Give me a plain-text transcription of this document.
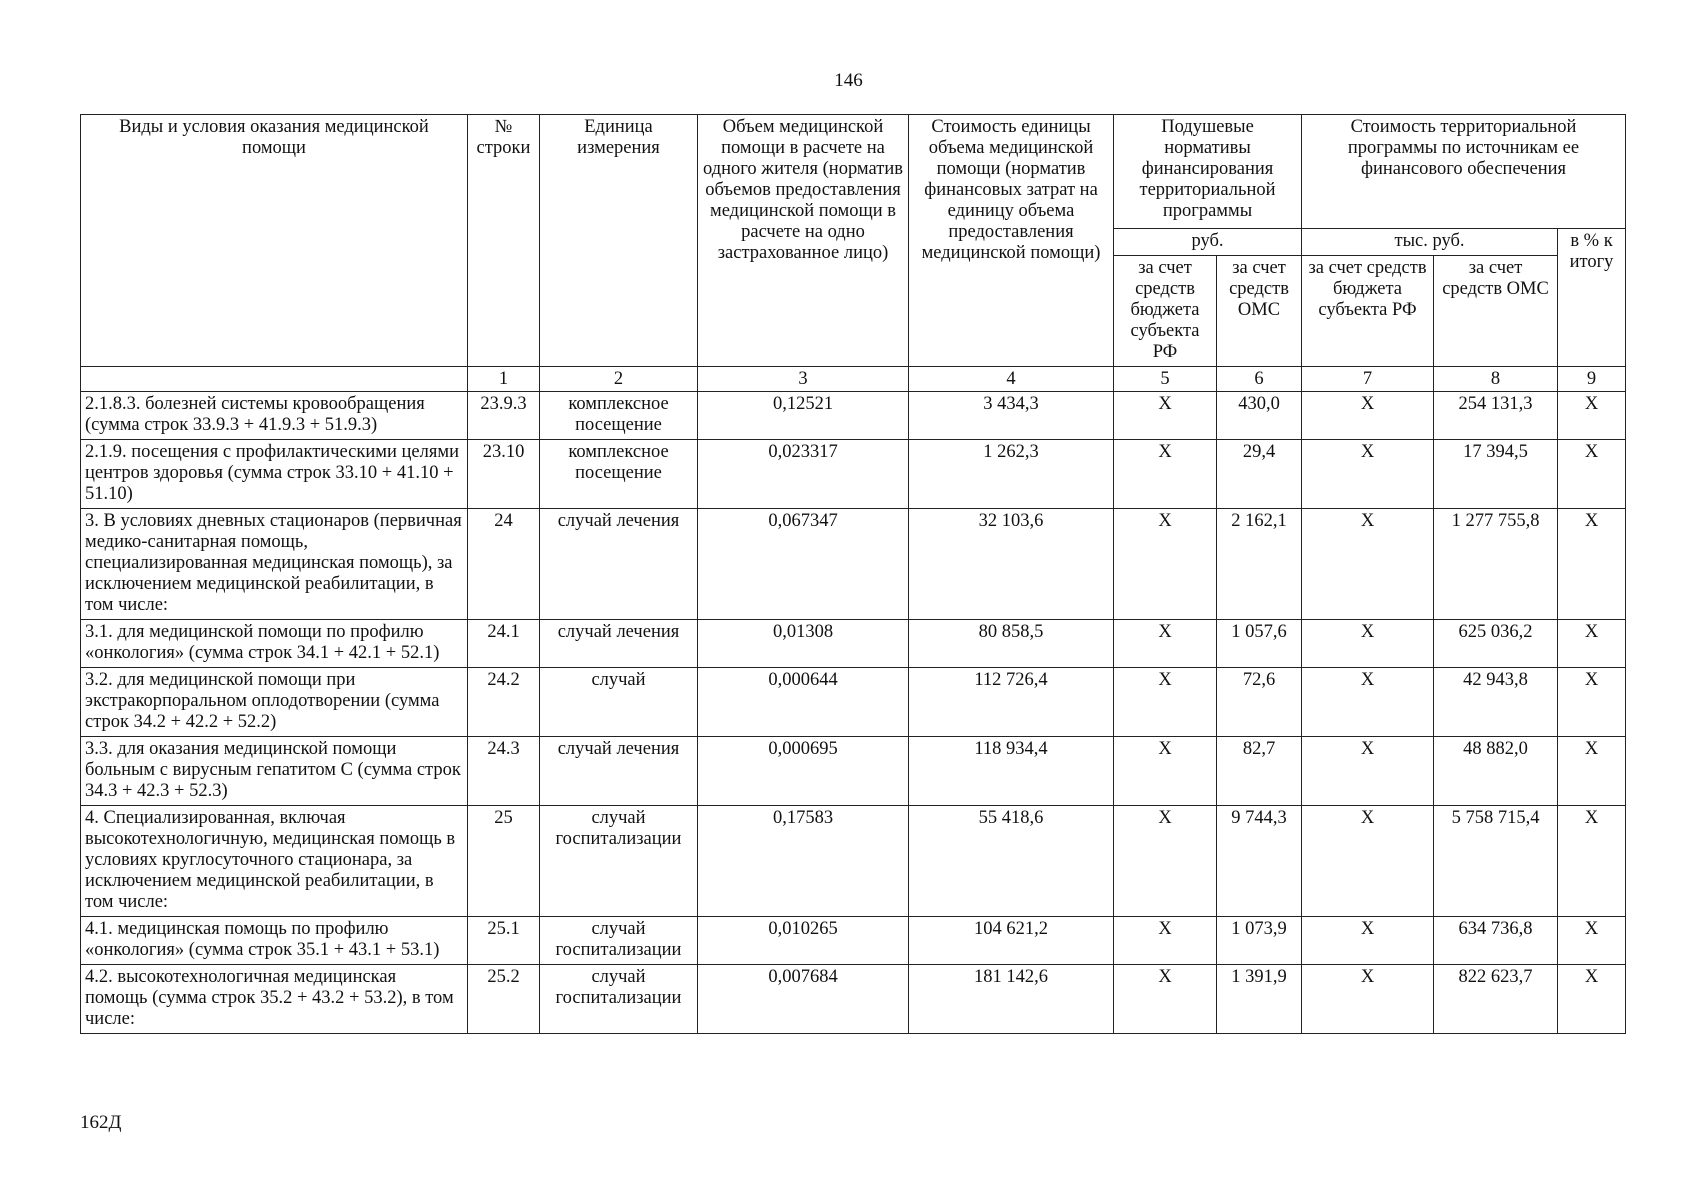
146
Виды и условия оказания медицинской помощи	№ строки	Единица измерения	Объем медицинской помощи в расчете на одного жителя (норматив объемов предоставления медицинской помощи в расчете на одно застрахованное лицо)	Стоимость единицы объема медицинской помощи (норматив финансовых затрат на единицу объема предоставления медицинской помощи)	Подушевые нормативы финансирования территориальной программы		Стоимость территориальной программы по источникам ее финансового обеспечения		
					руб.		тыс. руб.		в % к итогу
					за счет средств бюджета субъекта РФ	за счет средств ОМС	за счет средств бюджета субъекта РФ	за счет средств ОМС	
	1	2	3	4	5	6	7	8	9
2.1.8.3. болезней системы кровообращения (сумма строк 33.9.3 + 41.9.3 + 51.9.3)	23.9.3	комплексное посещение	0,12521	3 434,3	Х	430,0	Х	254 131,3	Х
2.1.9. посещения с профилактическими целями центров здоровья (сумма строк 33.10 + 41.10 + 51.10)	23.10	комплексное посещение	0,023317	1 262,3	Х	29,4	Х	17 394,5	Х
3. В условиях дневных стационаров (первичная медико-санитарная помощь, специализированная медицинская помощь), за исключением медицинской реабилитации, в том числе:	24	случай лечения	0,067347	32 103,6	Х	2 162,1	Х	1 277 755,8	Х
3.1. для медицинской помощи по профилю «онкология» (сумма строк 34.1 + 42.1 + 52.1)	24.1	случай лечения	0,01308	80 858,5	Х	1 057,6	Х	625 036,2	Х
3.2. для медицинской помощи при экстракорпоральном оплодотворении (сумма строк 34.2 + 42.2 + 52.2)	24.2	случай	0,000644	112 726,4	Х	72,6	Х	42 943,8	Х
3.3. для оказания медицинской помощи больным с вирусным гепатитом С (сумма строк 34.3 + 42.3 + 52.3)	24.3	случай лечения	0,000695	118 934,4	Х	82,7	Х	48 882,0	Х
4. Специализированная, включая высокотехнологичную, медицинская помощь в условиях круглосуточного стационара, за исключением медицинской реабилитации, в том числе:	25	случай госпитализации	0,17583	55 418,6	Х	9 744,3	Х	5 758 715,4	Х
4.1. медицинская помощь по профилю «онкология» (сумма строк 35.1 + 43.1 + 53.1)	25.1	случай госпитализации	0,010265	104 621,2	Х	1 073,9	Х	634 736,8	Х
4.2. высокотехнологичная медицинская помощь (сумма строк 35.2 + 43.2 + 53.2), в том числе:	25.2	случай госпитализации	0,007684	181 142,6	Х	1 391,9	Х	822 623,7	Х
162Д
